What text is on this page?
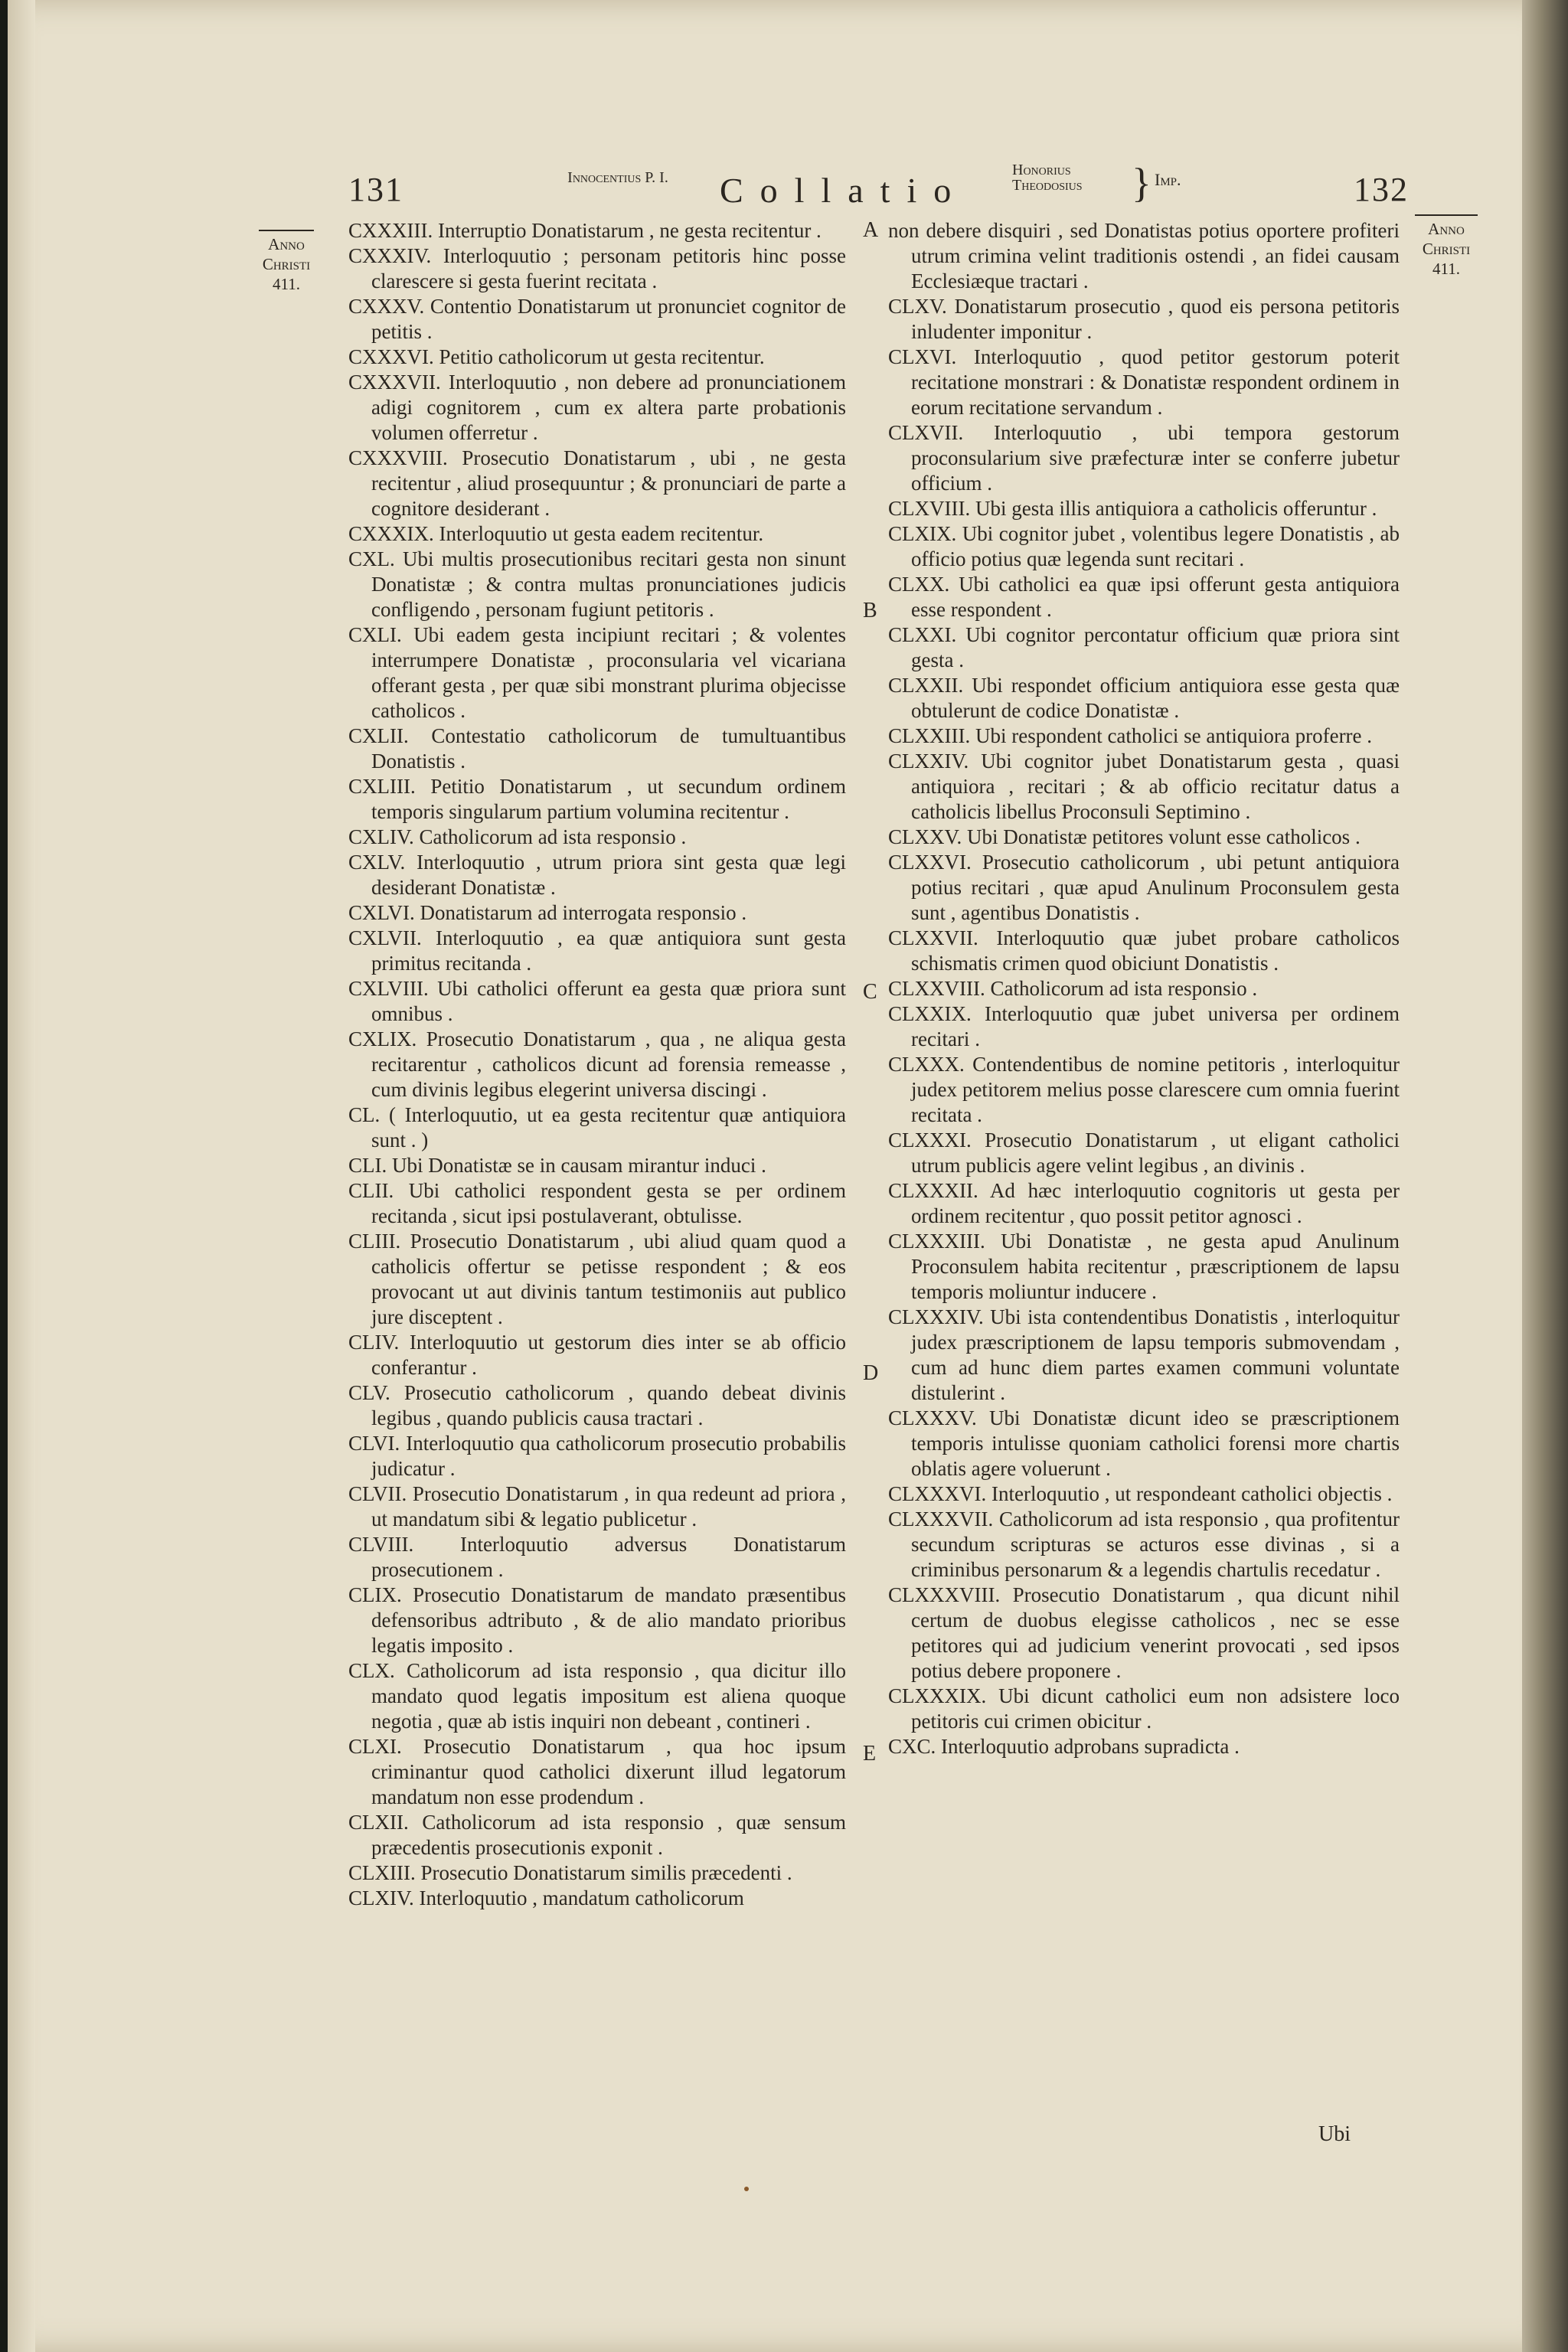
131	Innocentius P. I.	Collatio
Honorius Theodosius	} Imp.	132
Anno Christi 411.
Anno Christi 411.
A
B
C
D
E

CXXXIII. Interruptio Donatistarum , ne gesta recitentur .

CXXXIV. Interloquutio ; personam petitoris hinc posse clarescere si gesta fuerint recitata .

CXXXV. Contentio Donatistarum ut pronunciet cognitor de petitis .

CXXXVI. Petitio catholicorum ut gesta recitentur.

CXXXVII. Interloquutio , non debere ad pronunciationem adigi cognitorem , cum ex altera parte probationis volumen offerretur .

CXXXVIII. Prosecutio Donatistarum , ubi , ne gesta recitentur , aliud prosequuntur ; & pronunciari de parte a cognitore desiderant .

CXXXIX. Interloquutio ut gesta eadem recitentur.

CXL. Ubi multis prosecutionibus recitari gesta non sinunt Donatistæ ; & contra multas pronunciationes judicis confligendo , personam fugiunt petitoris .

CXLI. Ubi eadem gesta incipiunt recitari ; & volentes interrumpere Donatistæ , proconsularia vel vicariana offerant gesta , per quæ sibi monstrant plurima objecisse catholicos .

CXLII. Contestatio catholicorum de tumultuantibus Donatistis .

CXLIII. Petitio Donatistarum , ut secundum ordinem temporis singularum partium volumina recitentur .

CXLIV. Catholicorum ad ista responsio .

CXLV. Interloquutio , utrum priora sint gesta quæ legi desiderant Donatistæ .

CXLVI. Donatistarum ad interrogata responsio .

CXLVII. Interloquutio , ea quæ antiquiora sunt gesta primitus recitanda .

CXLVIII. Ubi catholici offerunt ea gesta quæ priora sunt omnibus .

CXLIX. Prosecutio Donatistarum , qua , ne aliqua gesta recitarentur , catholicos dicunt ad forensia remeasse , cum divinis legibus elegerint universa discingi .

CL. ( Interloquutio, ut ea gesta recitentur quæ antiquiora sunt . )

CLI. Ubi Donatistæ se in causam mirantur induci .

CLII. Ubi catholici respondent gesta se per ordinem recitanda , sicut ipsi postulaverant, obtulisse.

CLIII. Prosecutio Donatistarum , ubi aliud quam quod a catholicis offertur se petisse respondent ; & eos provocant ut aut divinis tantum testimoniis aut publico jure disceptent .

CLIV. Interloquutio ut gestorum dies inter se ab officio conferantur .

CLV. Prosecutio catholicorum , quando debeat divinis legibus , quando publicis causa tractari .

CLVI. Interloquutio qua catholicorum prosecutio probabilis judicatur .

CLVII. Prosecutio Donatistarum , in qua redeunt ad priora , ut mandatum sibi & legatio publicetur .

CLVIII. Interloquutio adversus Donatistarum prosecutionem .

CLIX. Prosecutio Donatistarum de mandato præsentibus defensoribus adtributo , & de alio mandato prioribus legatis imposito .

CLX. Catholicorum ad ista responsio , qua dicitur illo mandato quod legatis impositum est aliena quoque negotia , quæ ab istis inquiri non debeant , contineri .

CLXI. Prosecutio Donatistarum , qua hoc ipsum criminantur quod catholici dixerunt illud legatorum mandatum non esse prodendum .

CLXII. Catholicorum ad ista responsio , quæ sensum præcedentis prosecutionis exponit .

CLXIII. Prosecutio Donatistarum similis præcedenti .

CLXIV. Interloquutio , mandatum catholicorum

non debere disquiri , sed Donatistas potius oportere profiteri utrum crimina velint traditionis ostendi , an fidei causam Ecclesiæque tractari .

CLXV. Donatistarum prosecutio , quod eis persona petitoris inludenter imponitur .

CLXVI. Interloquutio , quod petitor gestorum poterit recitatione monstrari : & Donatistæ respondent ordinem in eorum recitatione servandum .

CLXVII. Interloquutio , ubi tempora gestorum proconsularium sive præfecturæ inter se conferre jubetur officium .

CLXVIII. Ubi gesta illis antiquiora a catholicis offeruntur .

CLXIX. Ubi cognitor jubet , volentibus legere Donatistis , ab officio potius quæ legenda sunt recitari .

CLXX. Ubi catholici ea quæ ipsi offerunt gesta antiquiora esse respondent .

CLXXI. Ubi cognitor percontatur officium quæ priora sint gesta .

CLXXII. Ubi respondet officium antiquiora esse gesta quæ obtulerunt de codice Donatistæ .

CLXXIII. Ubi respondent catholici se antiquiora proferre .

CLXXIV. Ubi cognitor jubet Donatistarum gesta , quasi antiquiora , recitari ; & ab officio recitatur datus a catholicis libellus Proconsuli Septimino .

CLXXV. Ubi Donatistæ petitores volunt esse catholicos .

CLXXVI. Prosecutio catholicorum , ubi petunt antiquiora potius recitari , quæ apud Anulinum Proconsulem gesta sunt , agentibus Donatistis .

CLXXVII. Interloquutio quæ jubet probare catholicos schismatis crimen quod obiciunt Donatistis .

CLXXVIII. Catholicorum ad ista responsio .

CLXXIX. Interloquutio quæ jubet universa per ordinem recitari .

CLXXX. Contendentibus de nomine petitoris , interloquitur judex petitorem melius posse clarescere cum omnia fuerint recitata .

CLXXXI. Prosecutio Donatistarum , ut eligant catholici utrum publicis agere velint legibus , an divinis .

CLXXXII. Ad hæc interloquutio cognitoris ut gesta per ordinem recitentur , quo possit petitor agnosci .

CLXXXIII. Ubi Donatistæ , ne gesta apud Anulinum Proconsulem habita recitentur , præscriptionem de lapsu temporis moliuntur inducere .

CLXXXIV. Ubi ista contendentibus Donatistis , interloquitur judex præscriptionem de lapsu temporis submovendam , cum ad hunc diem partes examen communi voluntate distulerint .

CLXXXV. Ubi Donatistæ dicunt ideo se præscriptionem temporis intulisse quoniam catholici forensi more chartis oblatis agere voluerunt .

CLXXXVI. Interloquutio , ut respondeant catholici objectis .

CLXXXVII. Catholicorum ad ista responsio , qua profitentur secundum scripturas se acturos esse divinas , si a criminibus personarum & a legendis chartulis recedatur .

CLXXXVIII. Prosecutio Donatistarum , qua dicunt nihil certum de duobus elegisse catholicos , nec se esse petitores qui ad judicium venerint provocati , sed ipsos potius debere proponere .

CLXXXIX. Ubi dicunt catholici eum non adsistere loco petitoris cui crimen obicitur .

CXC. Interloquutio adprobans supradicta .

Ubi
